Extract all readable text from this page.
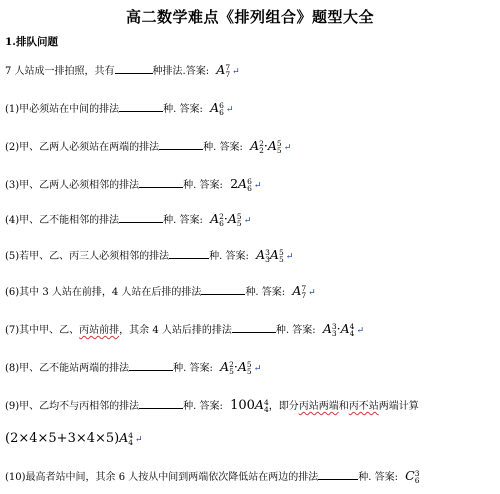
高二数学难点《排列组合》题型大全
1.排队问题
7 人站成一排拍照，共有	种排法.答案: A 7
7 ↵
(1)甲必须站在中间的排法	种. 答案: A 6
6 ↵
(2)甲、乙两人必须站在两端的排法	种. 答案: A 2
2 ·A 5
5 ↵
(3)甲、乙两人必须相邻的排法	种. 答案: 2A 6
6 ↵
(4)甲、乙不能相邻的排法	种. 答案: A 2
6 ·A 5
5 ↵
(5)若甲、乙、丙三人必须相邻的排法	种. 答案: A 3
3 A 5
5 ↵
(6)其中 3 人站在前排，4 人站在后排的排法	种. 答案: A 7
7 ↵
(7)其中甲、乙、丙站前排，其余 4 人站后排的排法	种. 答案: A 3
3 ·A 4
4 ↵
(8)甲、乙不能站两端的排法	种. 答案: A 2
5 ·A 5
5 ↵
(9)甲、乙均不与丙相邻的排法	种. 答案: 100A 4
4 ，即分丙站两端和丙不站两端计算
(2×4×5+3×4×5)A 4
4 ↵
(10)最高者站中间，其余 6 人按从中间到两端依次降低站在两边的排法	种. 答案: C 3
6
